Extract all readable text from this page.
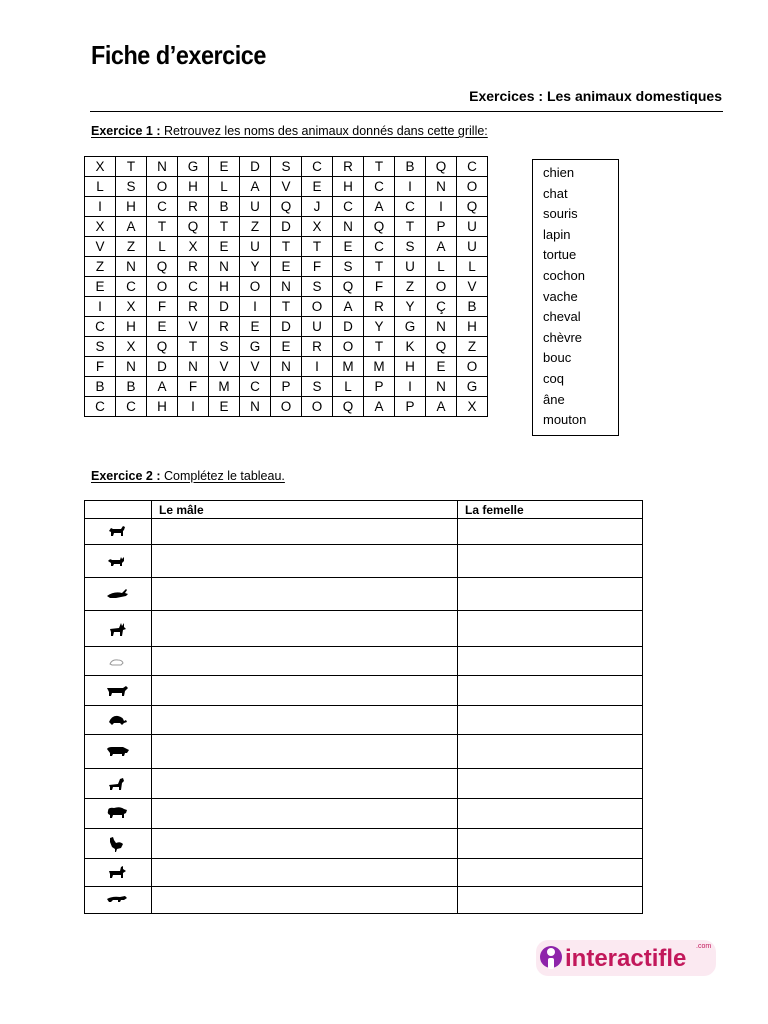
Fiche d’exercice
Exercices : Les animaux domestiques
Exercice 1 : Retrouvez les noms des animaux donnés dans cette grille:
X	T	N	G	E	D	S	C	R	T	B	Q	C
L	S	O	H	L	A	V	E	H	C	I	N	O
I	H	C	R	B	U	Q	J	C	A	C	I	Q
X	A	T	Q	T	Z	D	X	N	Q	T	P	U
V	Z	L	X	E	U	T	T	E	C	S	A	U
Z	N	Q	R	N	Y	E	F	S	T	U	L	L
E	C	O	C	H	O	N	S	Q	F	Z	O	V
I	X	F	R	D	I	T	O	A	R	Y	Ç	B
C	H	E	V	R	E	D	U	D	Y	G	N	H
S	X	Q	T	S	G	E	R	O	T	K	Q	Z
F	N	D	N	V	V	N	I	M	M	H	E	O
B	B	A	F	M	C	P	S	L	P	I	N	G
C	C	H	I	E	N	O	O	Q	A	P	A	X
chien
chat
souris
lapin
tortue
cochon
vache
cheval
chèvre
bouc
coq
âne
mouton
Exercice 2 : Complétez le tableau.
	Le mâle	La femelle

interactifle .com
